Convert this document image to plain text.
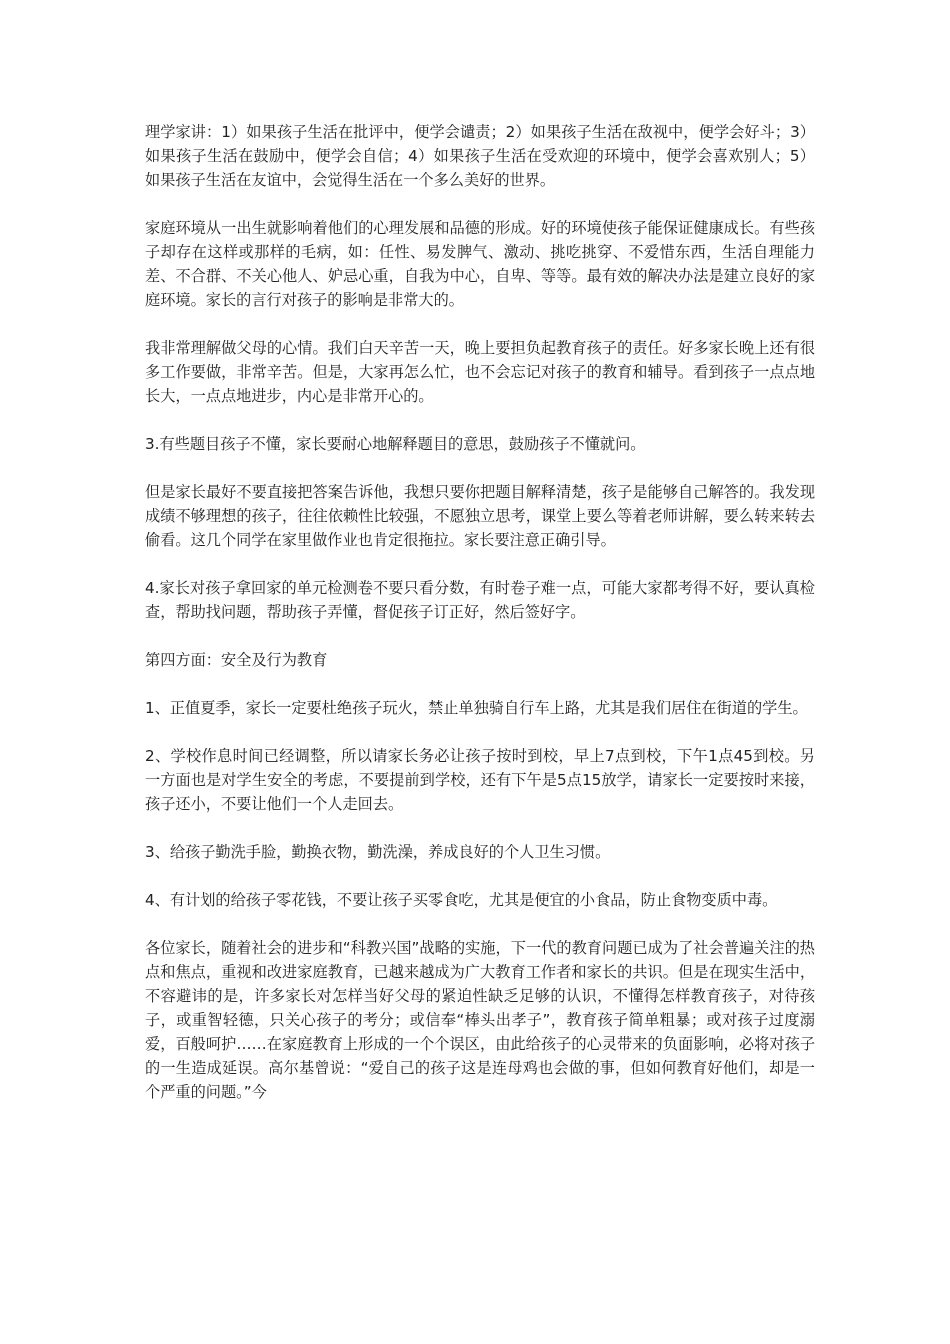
理学家讲：1）如果孩子生活在批评中，便学会谴责；2）如果孩子生活在敌视中，便学会好斗；3）如果孩子生活在鼓励中，便学会自信；4）如果孩子生活在受欢迎的环境中，便学会喜欢别人；5）如果孩子生活在友谊中，会觉得生活在一个多么美好的世界。

家庭环境从一出生就影响着他们的心理发展和品德的形成。好的环境使孩子能保证健康成长。有些孩子却存在这样或那样的毛病，如：任性、易发脾气、激动、挑吃挑穿、不爱惜东西，生活自理能力差、不合群、不关心他人、妒忌心重，自我为中心，自卑、等等。最有效的解决办法是建立良好的家庭环境。家长的言行对孩子的影响是非常大的。

我非常理解做父母的心情。我们白天辛苦一天，晚上要担负起教育孩子的责任。好多家长晚上还有很多工作要做，非常辛苦。但是，大家再怎么忙，也不会忘记对孩子的教育和辅导。看到孩子一点点地长大，一点点地进步，内心是非常开心的。

3.有些题目孩子不懂，家长要耐心地解释题目的意思，鼓励孩子不懂就问。

但是家长最好不要直接把答案告诉他，我想只要你把题目解释清楚，孩子是能够自己解答的。我发现成绩不够理想的孩子，往往依赖性比较强，不愿独立思考，课堂上要么等着老师讲解，要么转来转去偷看。这几个同学在家里做作业也肯定很拖拉。家长要注意正确引导。

4.家长对孩子拿回家的单元检测卷不要只看分数，有时卷子难一点，可能大家都考得不好，要认真检查，帮助找问题，帮助孩子弄懂，督促孩子订正好，然后签好字。

第四方面：安全及行为教育

1、正值夏季，家长一定要杜绝孩子玩火，禁止单独骑自行车上路，尤其是我们居住在街道的学生。

2、学校作息时间已经调整，所以请家长务必让孩子按时到校，早上7点到校，下午1点45到校。另一方面也是对学生安全的考虑，不要提前到学校，还有下午是5点15放学，请家长一定要按时来接，孩子还小，不要让他们一个人走回去。

3、给孩子勤洗手脸，勤换衣物，勤洗澡，养成良好的个人卫生习惯。

4、有计划的给孩子零花钱，不要让孩子买零食吃，尤其是便宜的小食品，防止食物变质中毒。

各位家长，随着社会的进步和“科教兴国”战略的实施，下一代的教育问题已成为了社会普遍关注的热点和焦点，重视和改进家庭教育，已越来越成为广大教育工作者和家长的共识。但是在现实生活中，不容避讳的是，许多家长对怎样当好父母的紧迫性缺乏足够的认识，不懂得怎样教育孩子，对待孩子，或重智轻德，只关心孩子的考分；或信奉“棒头出孝子”，教育孩子简单粗暴；或对孩子过度溺爱，百般呵护……在家庭教育上形成的一个个误区，由此给孩子的心灵带来的负面影响，必将对孩子的一生造成延误。高尔基曾说：“爱自己的孩子这是连母鸡也会做的事，但如何教育好他们，却是一个严重的问题。”今
